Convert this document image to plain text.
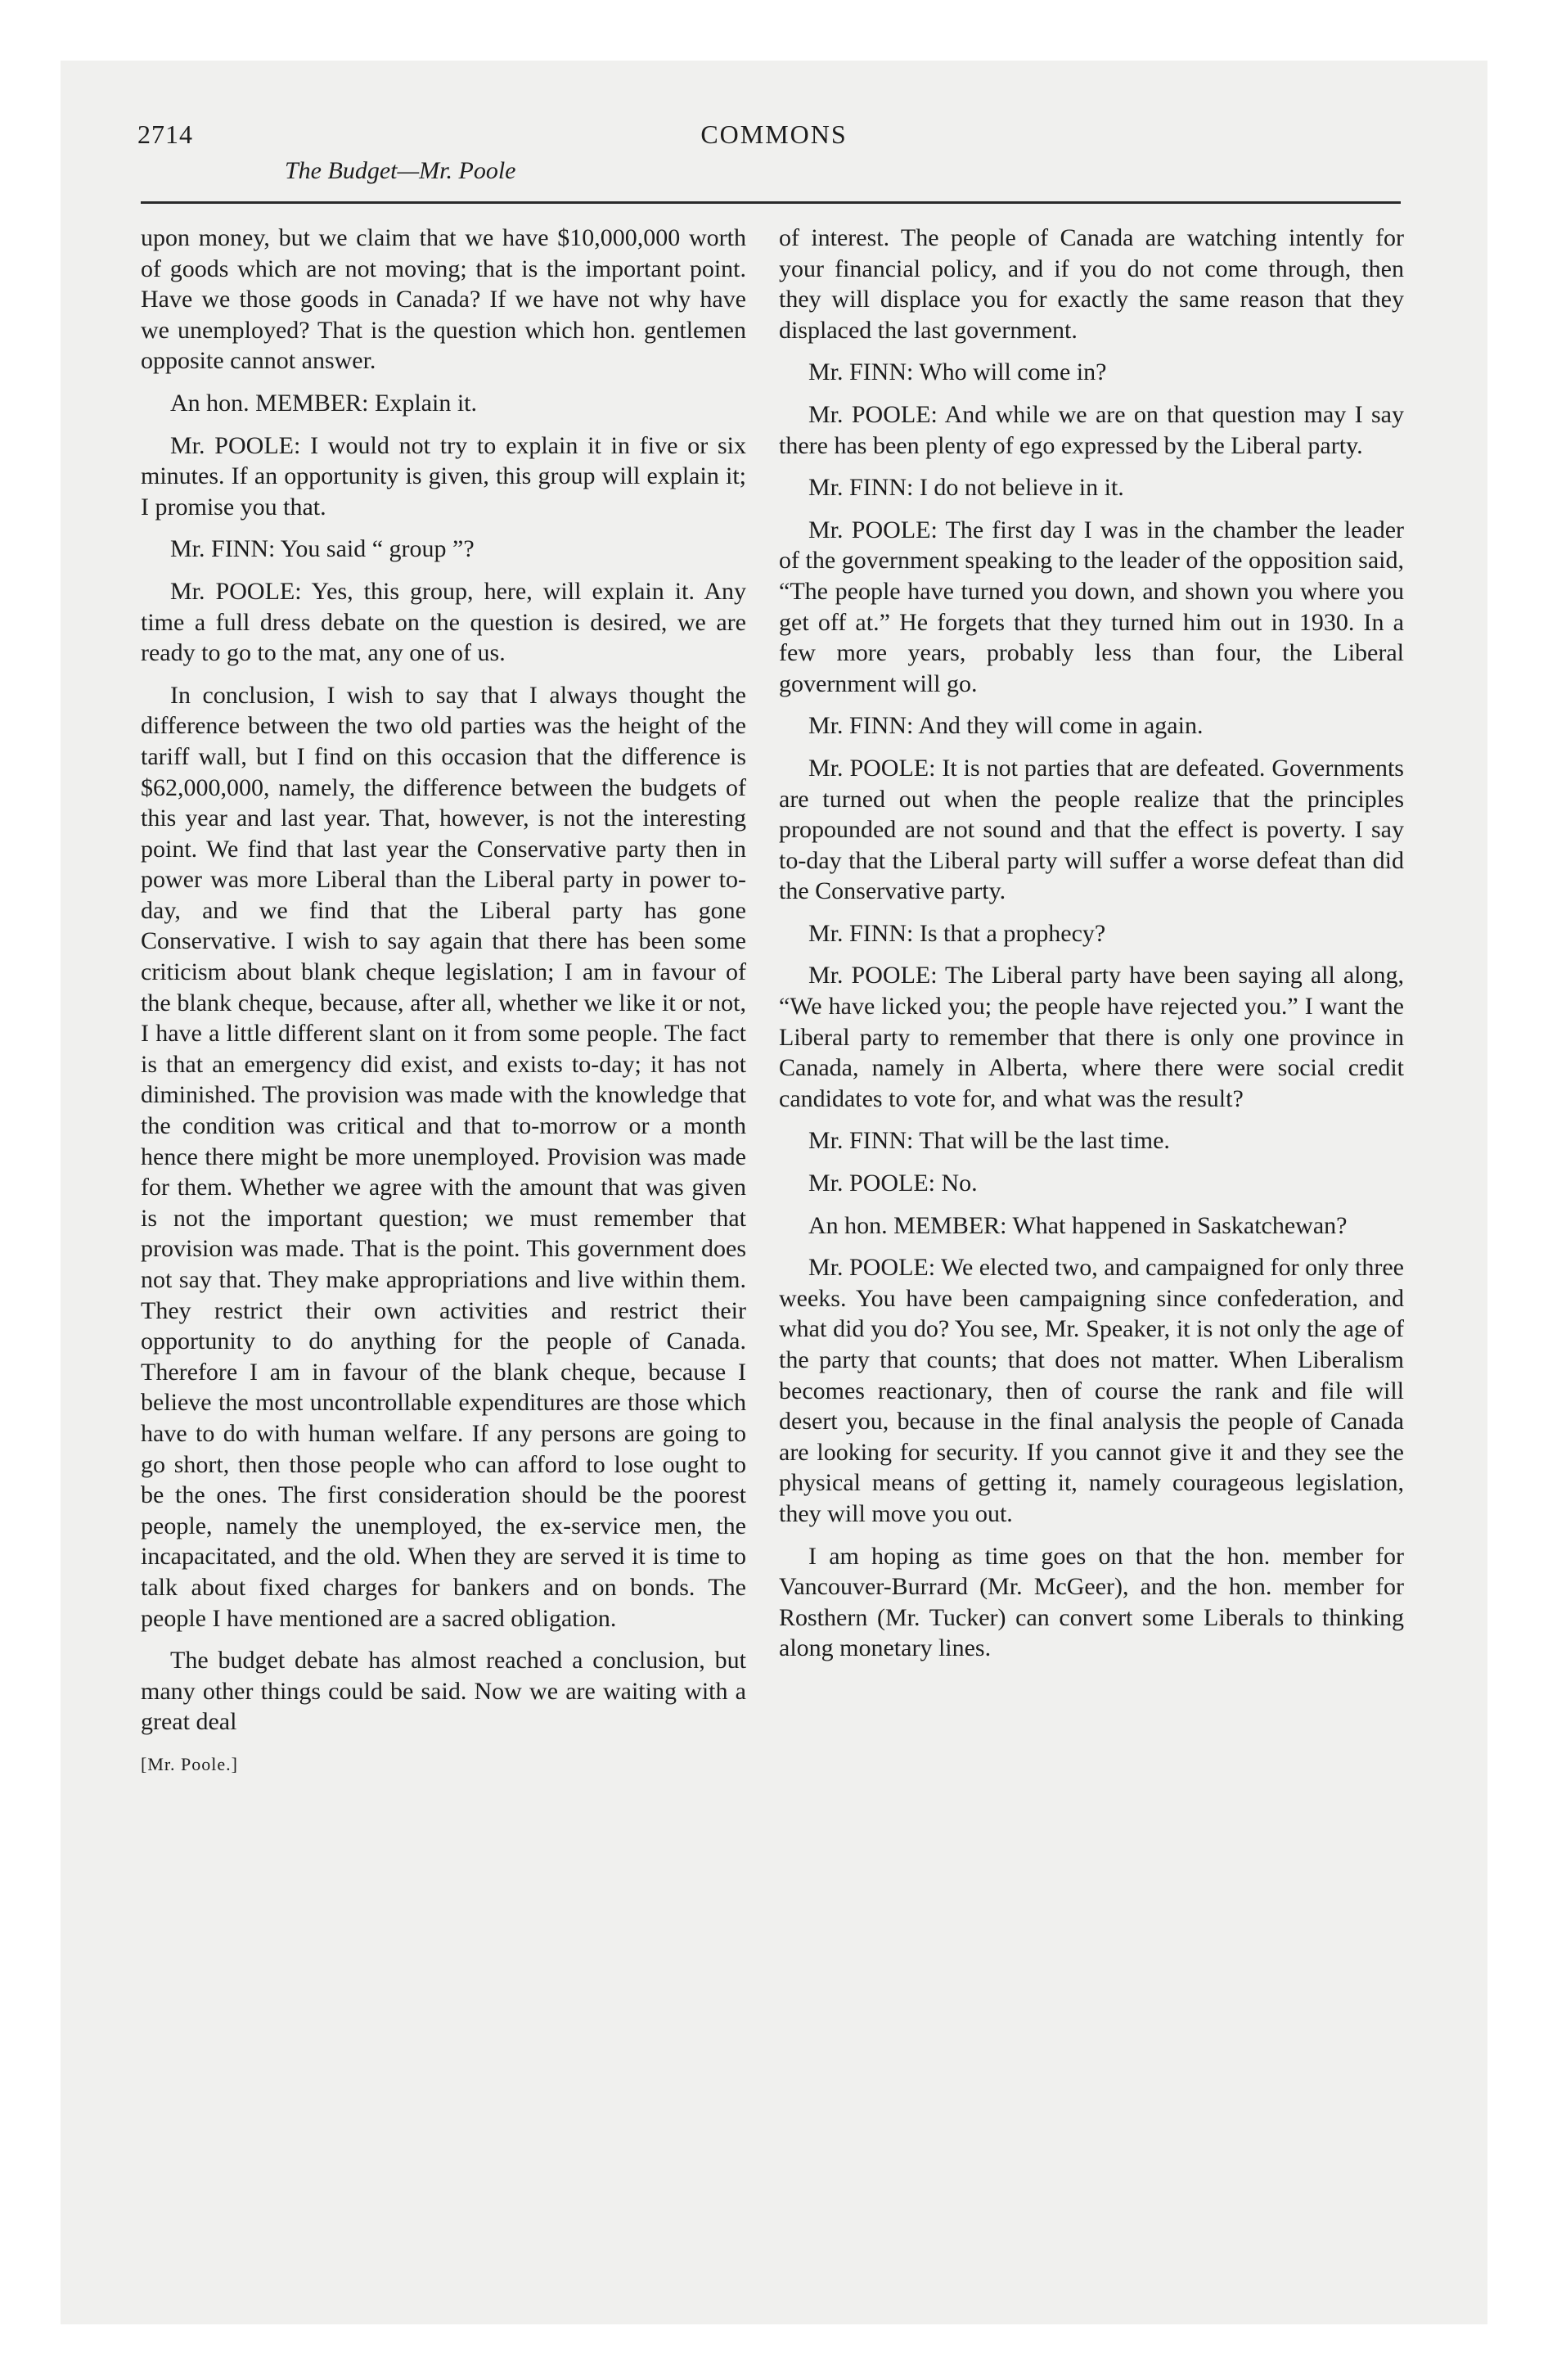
2714	COMMONS
The Budget—Mr. Poole

upon money, but we claim that we have $10,000,000 worth of goods which are not moving; that is the important point. Have we those goods in Canada? If we have not why have we unemployed? That is the question which hon. gentlemen opposite cannot answer.

An hon. MEMBER: Explain it.

Mr. POOLE: I would not try to explain it in five or six minutes. If an opportunity is given, this group will explain it; I promise you that.

Mr. FINN: You said “ group ”?

Mr. POOLE: Yes, this group, here, will explain it. Any time a full dress debate on the question is desired, we are ready to go to the mat, any one of us.

In conclusion, I wish to say that I always thought the difference between the two old parties was the height of the tariff wall, but I find on this occasion that the difference is $62,000,000, namely, the difference between the budgets of this year and last year. That, however, is not the interesting point. We find that last year the Conservative party then in power was more Liberal than the Liberal party in power to-day, and we find that the Liberal party has gone Conservative. I wish to say again that there has been some criticism about blank cheque legislation; I am in favour of the blank cheque, because, after all, whether we like it or not, I have a little different slant on it from some people. The fact is that an emergency did exist, and exists to-day; it has not diminished. The provision was made with the knowledge that the condition was critical and that to-morrow or a month hence there might be more unemployed. Provision was made for them. Whether we agree with the amount that was given is not the important question; we must remember that provision was made. That is the point. This government does not say that. They make appropriations and live within them. They restrict their own activities and restrict their opportunity to do anything for the people of Canada. Therefore I am in favour of the blank cheque, because I believe the most uncontrollable expenditures are those which have to do with human welfare. If any persons are going to go short, then those people who can afford to lose ought to be the ones. The first consideration should be the poorest people, namely the unemployed, the ex-service men, the incapacitated, and the old. When they are served it is time to talk about fixed charges for bankers and on bonds. The people I have mentioned are a sacred obligation.

The budget debate has almost reached a conclusion, but many other things could be said. Now we are waiting with a great deal

[Mr. Poole.]

of interest. The people of Canada are watching intently for your financial policy, and if you do not come through, then they will displace you for exactly the same reason that they displaced the last government.

Mr. FINN: Who will come in?

Mr. POOLE: And while we are on that question may I say there has been plenty of ego expressed by the Liberal party.

Mr. FINN: I do not believe in it.

Mr. POOLE: The first day I was in the chamber the leader of the government speaking to the leader of the opposition said, “The people have turned you down, and shown you where you get off at.” He forgets that they turned him out in 1930. In a few more years, probably less than four, the Liberal government will go.

Mr. FINN: And they will come in again.

Mr. POOLE: It is not parties that are defeated. Governments are turned out when the people realize that the principles propounded are not sound and that the effect is poverty. I say to-day that the Liberal party will suffer a worse defeat than did the Conservative party.

Mr. FINN: Is that a prophecy?

Mr. POOLE: The Liberal party have been saying all along, “We have licked you; the people have rejected you.” I want the Liberal party to remember that there is only one province in Canada, namely in Alberta, where there were social credit candidates to vote for, and what was the result?

Mr. FINN: That will be the last time.

Mr. POOLE: No.

An hon. MEMBER: What happened in Saskatchewan?

Mr. POOLE: We elected two, and campaigned for only three weeks. You have been campaigning since confederation, and what did you do? You see, Mr. Speaker, it is not only the age of the party that counts; that does not matter. When Liberalism becomes reactionary, then of course the rank and file will desert you, because in the final analysis the people of Canada are looking for security. If you cannot give it and they see the physical means of getting it, namely courageous legislation, they will move you out.

I am hoping as time goes on that the hon. member for Vancouver-Burrard (Mr. McGeer), and the hon. member for Rosthern (Mr. Tucker) can convert some Liberals to thinking along monetary lines.
